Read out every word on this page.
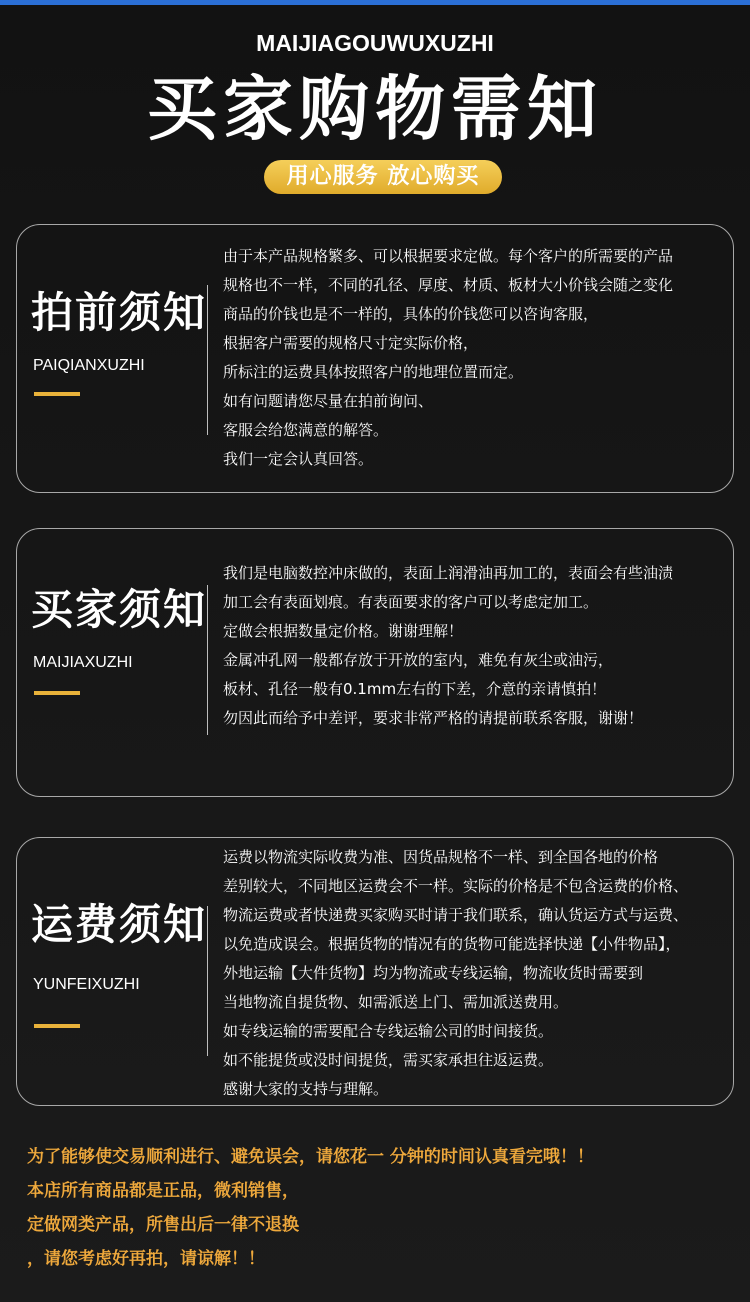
MAIJIAGOUWUXUZHI
买家购物需知
用心服务 放心购买
拍前须知
PAIQIANXUZHI
由于本产品规格繁多、可以根据要求定做。每个客户的所需要的产品
规格也不一样，不同的孔径、厚度、材质、板材大小价钱会随之变化
商品的价钱也是不一样的，具体的价钱您可以咨询客服，
根据客户需要的规格尺寸定实际价格，
所标注的运费具体按照客户的地理位置而定。
如有问题请您尽量在拍前询问、
客服会给您满意的解答。
我们一定会认真回答。
买家须知
MAIJIAXUZHI
我们是电脑数控冲床做的，表面上润滑油再加工的，表面会有些油渍
加工会有表面划痕。有表面要求的客户可以考虑定加工。
定做会根据数量定价格。谢谢理解！
金属冲孔网一般都存放于开放的室内，难免有灰尘或油污，
板材、孔径一般有0.1mm左右的下差，介意的亲请慎拍！
勿因此而给予中差评，要求非常严格的请提前联系客服，谢谢！
运费须知
YUNFEIXUZHI
运费以物流实际收费为准、因货品规格不一样、到全国各地的价格
差别较大，不同地区运费会不一样。实际的价格是不包含运费的价格、
物流运费或者快递费买家购买时请于我们联系，确认货运方式与运费、
以免造成误会。根据货物的情况有的货物可能选择快递【小件物品】，
外地运输【大件货物】均为物流或专线运输，物流收货时需要到
当地物流自提货物、如需派送上门、需加派送费用。
如专线运输的需要配合专线运输公司的时间接货。
如不能提货或没时间提货，需买家承担往返运费。
感谢大家的支持与理解。
为了能够使交易顺利进行、避免误会，请您花一 分钟的时间认真看完哦！！
本店所有商品都是正品，微利销售，
定做网类产品，所售出后一律不退换
，请您考虑好再拍，请谅解！！
